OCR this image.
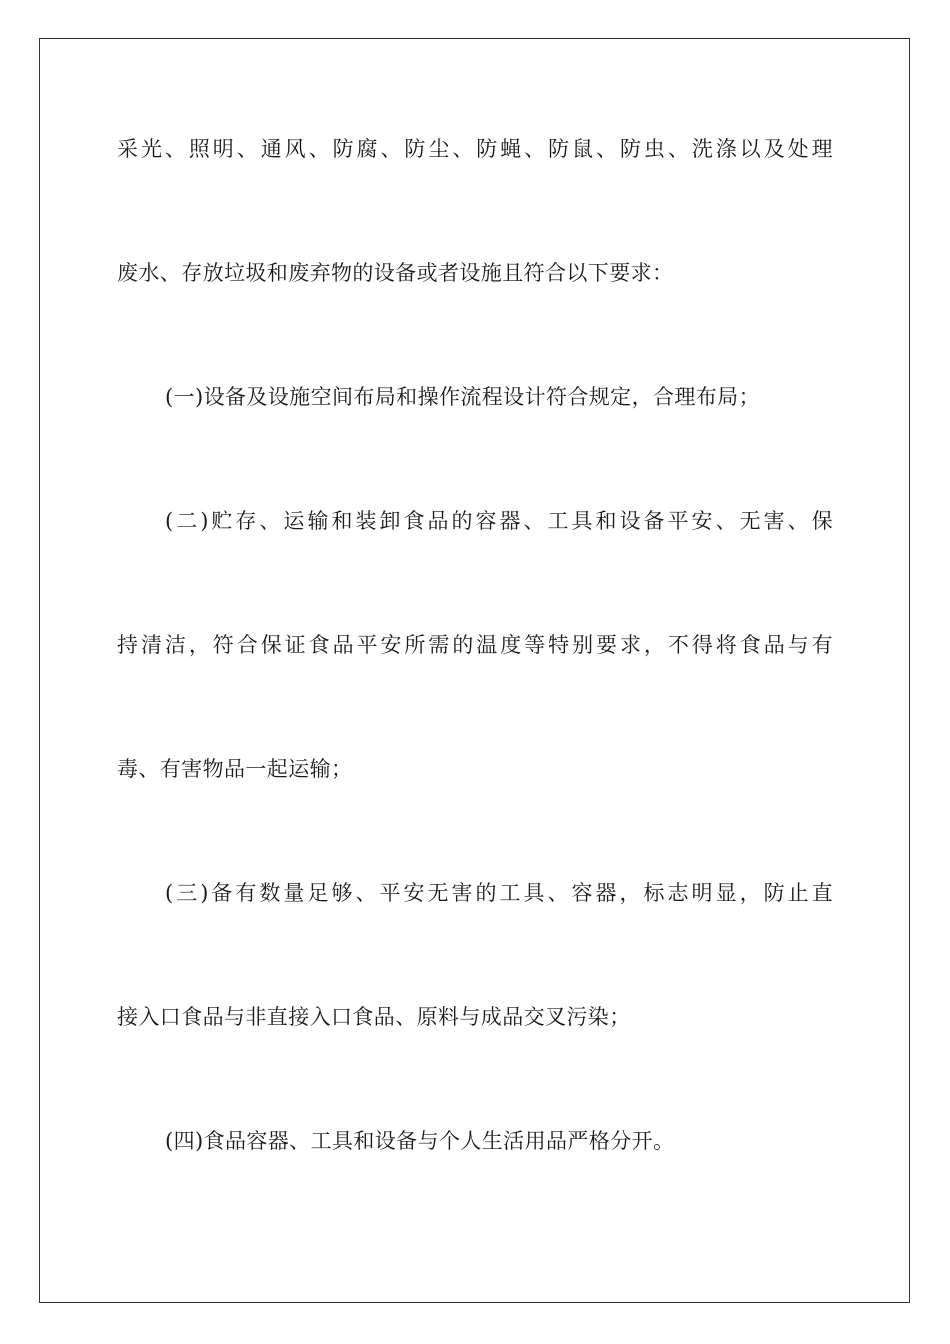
采光、照明、通风、防腐、防尘、防蝇、防鼠、防虫、洗涤以及处理
废水、存放垃圾和废弃物的设备或者设施且符合以下要求：
(一)设备及设施空间布局和操作流程设计符合规定，合理布局；
(二)贮存、运输和装卸食品的容器、工具和设备平安、无害、保
持清洁，符合保证食品平安所需的温度等特别要求，不得将食品与有
毒、有害物品一起运输；
(三)备有数量足够、平安无害的工具、容器，标志明显，防止直
接入口食品与非直接入口食品、原料与成品交叉污染；
(四)食品容器、工具和设备与个人生活用品严格分开。
